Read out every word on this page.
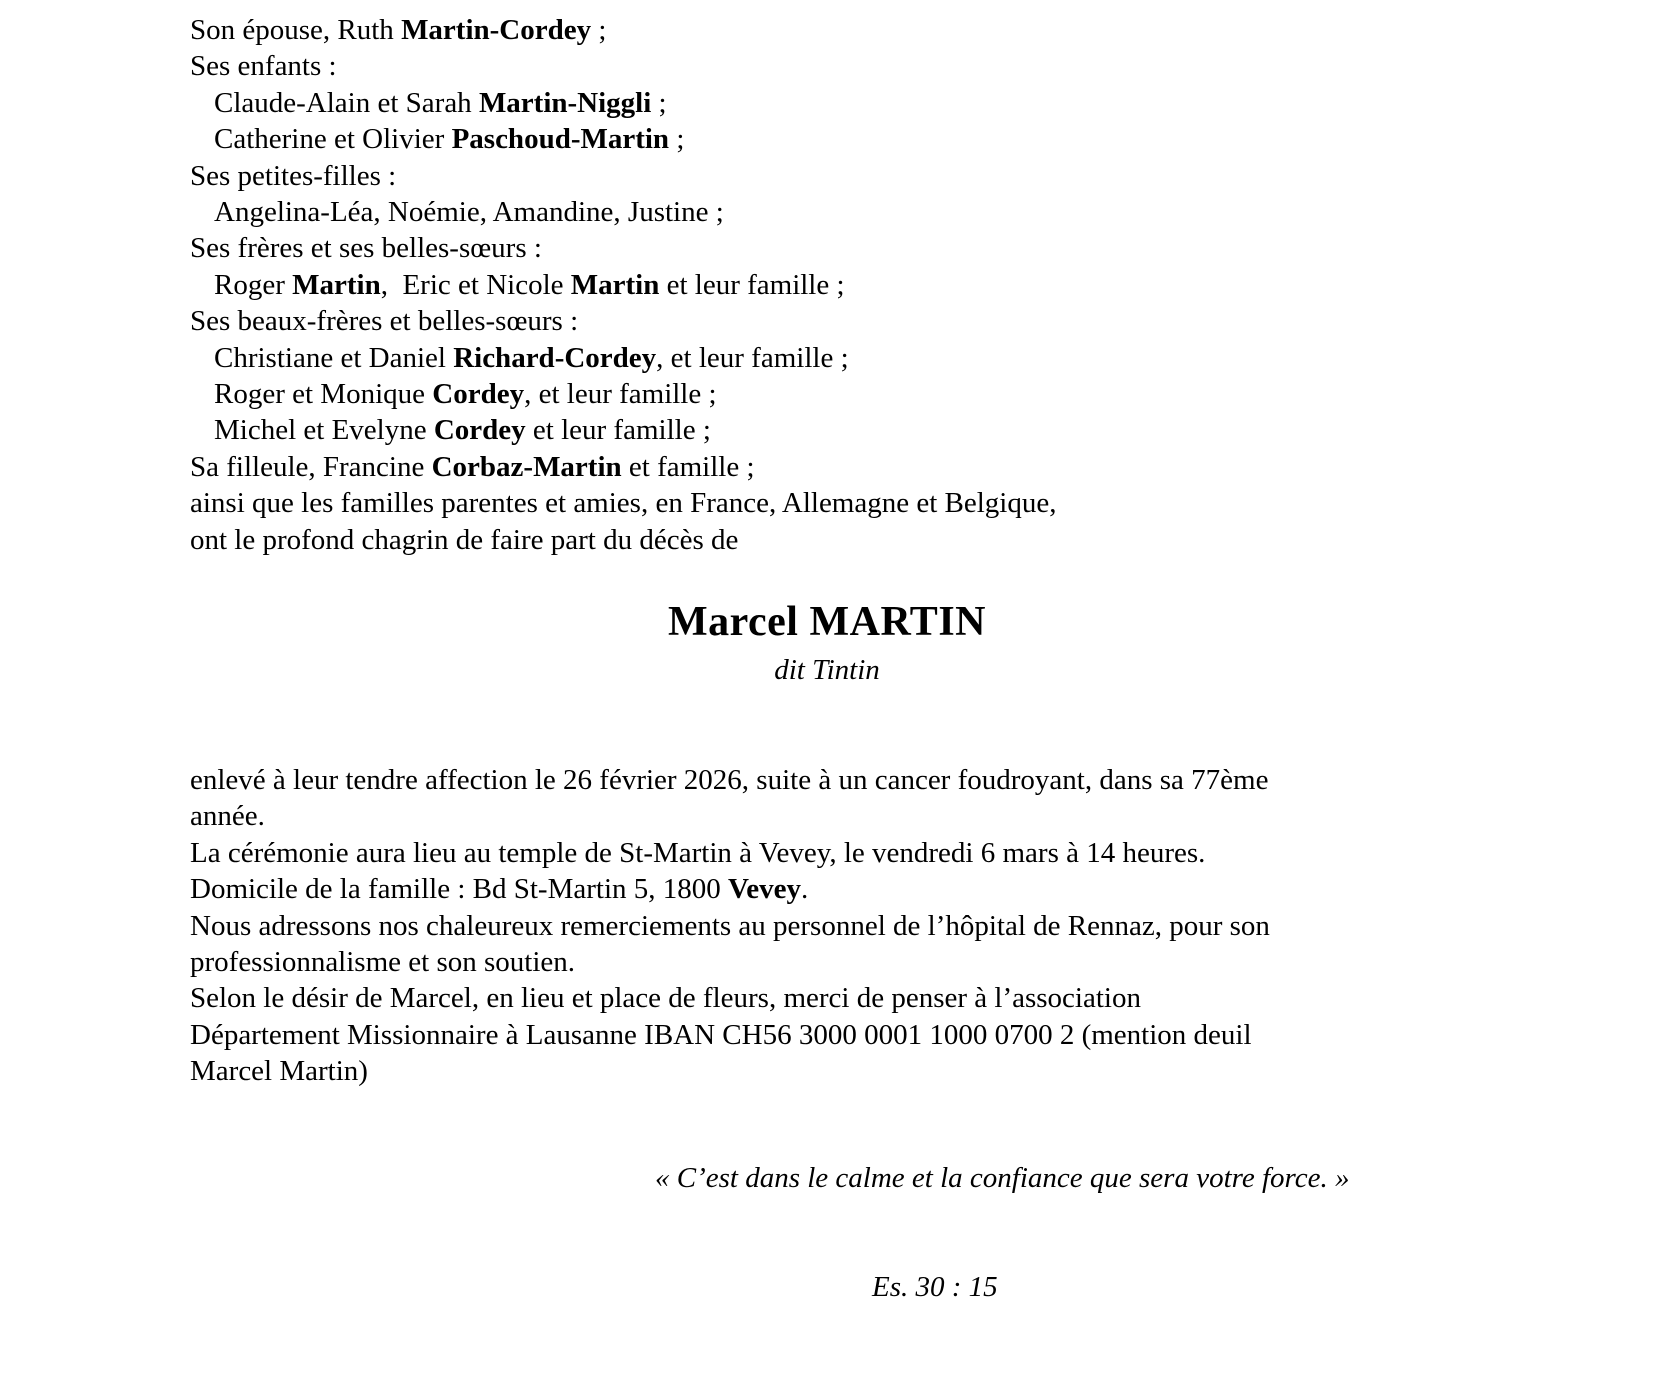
Son épouse, Ruth Martin-Cordey ;
Ses enfants :
Claude-Alain et Sarah Martin-Niggli ;
Catherine et Olivier Paschoud-Martin ;
Ses petites-filles :
Angelina-Léa, Noémie, Amandine, Justine ;
Ses frères et ses belles-sœurs :
Roger Martin,  Eric et Nicole Martin et leur famille ;
Ses beaux-frères et belles-sœurs :
Christiane et Daniel Richard-Cordey, et leur famille ;
Roger et Monique Cordey, et leur famille ;
Michel et Evelyne Cordey et leur famille ;
Sa filleule, Francine Corbaz-Martin et famille ;
ainsi que les familles parentes et amies, en France, Allemagne et Belgique,
ont le profond chagrin de faire part du décès de
Marcel MARTIN
dit Tintin
enlevé à leur tendre affection le 26 février 2026, suite à un cancer foudroyant, dans sa 77ème
année.
La cérémonie aura lieu au temple de St-Martin à Vevey, le vendredi 6 mars à 14 heures.
Domicile de la famille : Bd St-Martin 5, 1800 Vevey.
Nous adressons nos chaleureux remerciements au personnel de l’hôpital de Rennaz, pour son
professionnalisme et son soutien.
Selon le désir de Marcel, en lieu et place de fleurs, merci de penser à l’association
Département Missionnaire à Lausanne IBAN CH56 3000 0001 1000 0700 2 (mention deuil
Marcel Martin)

« C’est dans le calme et la confiance que sera votre force. »

Es. 30 : 15
